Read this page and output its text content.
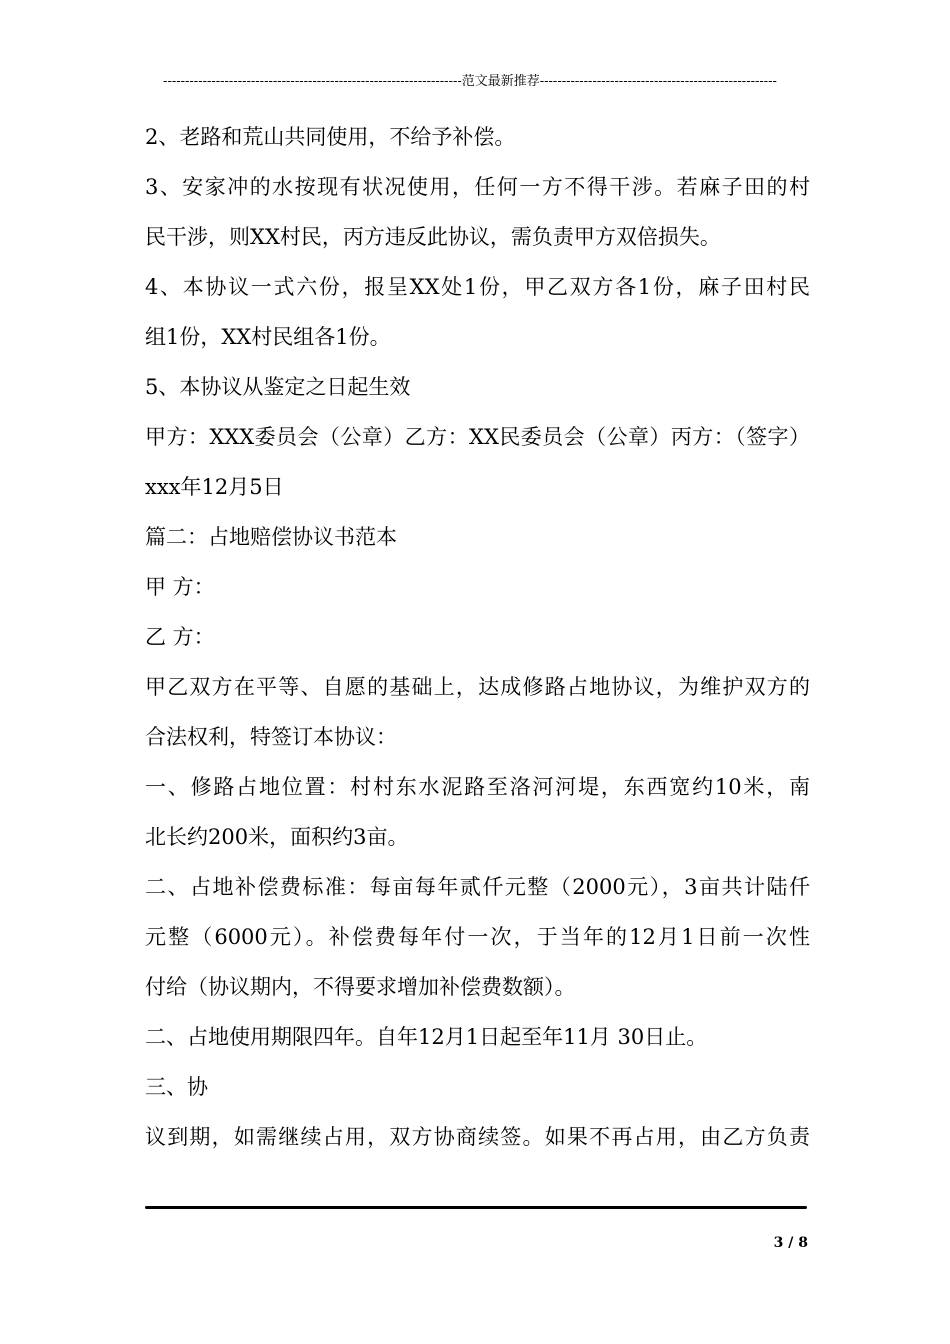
--------------------------------------------------------------------范文最新推荐------------------------------------------------------
2、老路和荒山共同使用，不给予补偿。
3、安家冲的水按现有状况使用，任何一方不得干涉。若麻子田的村
民干涉，则XX村民，丙方违反此协议，需负责甲方双倍损失。
4、本协议一式六份，报呈XX处1份，甲乙双方各1份，麻子田村民
组1份，XX村民组各1份。
5、本协议从鉴定之日起生效
甲方：XXX委员会（公章）乙方：XX民委员会（公章）丙方：（签字）
xxx年12月5日
篇二：占地赔偿协议书范本
甲 方：
乙 方：
甲乙双方在平等、自愿的基础上，达成修路占地协议，为维护双方的
合法权利，特签订本协议：
一、修路占地位置：村村东水泥路至洛河河堤，东西宽约10米，南
北长约200米，面积约3亩。
二、占地补偿费标准：每亩每年贰仟元整（2000元），3亩共计陆仟
元整（6000元）。补偿费每年付一次，于当年的12月1日前一次性
付给（协议期内，不得要求增加补偿费数额）。
二、占地使用期限四年。自年12月1日起至年11月 30日止。
三、协
议到期，如需继续占用，双方协商续签。如果不再占用，由乙方负责
3 / 8
